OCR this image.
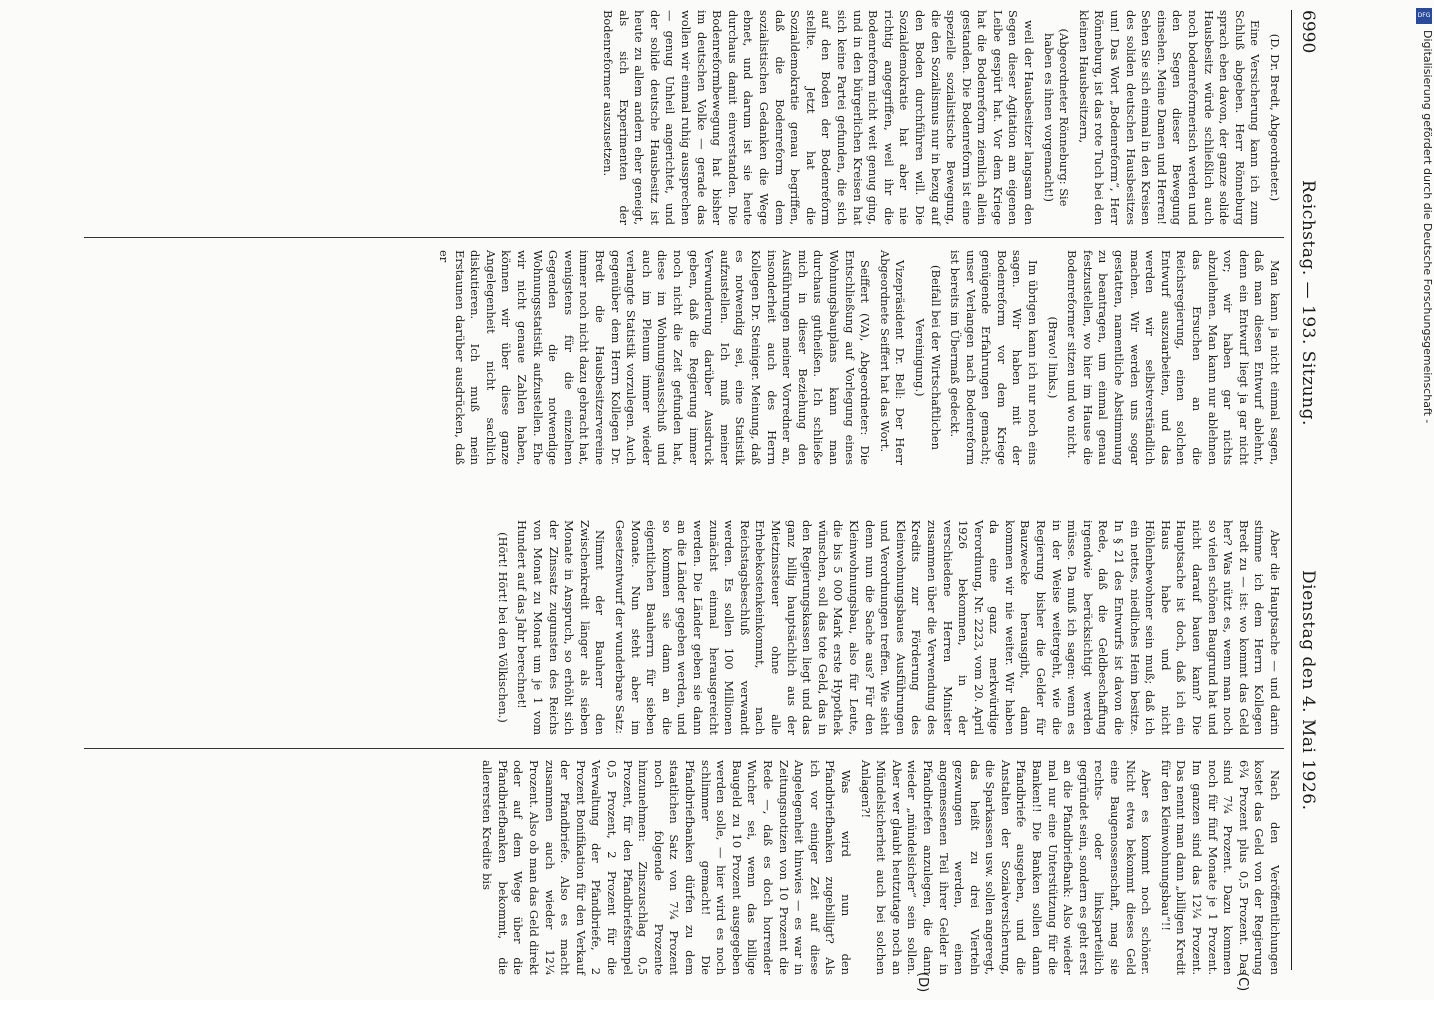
6990
Reichstag. — 193. Sitzung.
Dienstag den 4. Mai 1926.
(C)
(D)

(D. Dr. Bredt, Abgeordneter.)

Eine Versicherung kann ich zum Schluß abgeben. Herr Rönneburg sprach eben davon, der ganze solide Hausbesitz würde schließlich auch noch bodenreformerisch werden und den Segen dieser Bewegung einsehen. Meine Damen und Herren! Sehen Sie sich einmal in den Kreisen des soliden deutschen Hausbesitzes um! Das Wort „Bodenreform“, Herr Rönneburg, ist das rote Tuch bei den kleinen Hausbesitzern,

(Abgeordneter Rönneburg: Sie haben es ihnen vorgemacht!)

weil der Hausbesitzer langsam den Segen dieser Agitation am eigenen Leibe gespürt hat. Vor dem Kriege hat die Bodenreform ziemlich allein gestanden. Die Bodenreform ist eine spezielle sozialistische Bewegung, die den Sozialismus nur in bezug auf den Boden durchführen will. Die Sozialdemokratie hat aber nie richtig angegriffen, weil ihr die Bodenreform nicht weit genug ging, und in den bürgerlichen Kreisen hat sich keine Partei gefunden, die sich auf den Boden der Bodenreform stellte. Jetzt hat die Sozialdemokratie genau begriffen, daß die Bodenreform dem sozialistischen Gedanken die Wege ebnet, und darum ist sie heute durchaus damit einverstanden. Die Bodenreformbewegung hat bisher im deutschen Volke — gerade das wollen wir einmal ruhig aussprechen — genug Unheil angerichtet, und der solide deutsche Hausbesitz ist heute zu allem andern eher geneigt, als sich Experimenten der Bodenreformer auszusetzen.

Man kann ja nicht einmal sagen, daß man diesen Entwurf ablehnt, denn ein Entwurf liegt ja gar nicht vor; wir haben gar nichts abzulehnen. Man kann nur ablehnen das Ersuchen an die Reichsregierung, einen solchen Entwurf auszuarbeiten, und das werden wir selbstverständlich machen. Wir werden uns sogar gestatten, namentliche Abstimmung zu beantragen, um einmal genau festzustellen, wo hier im Hause die Bodenreformer sitzen und wo nicht.

(Bravo! links.)

Im übrigen kann ich nur noch eins sagen. Wir haben mit der Bodenreform vor dem Kriege genügende Erfahrungen gemacht; unser Verlangen nach Bodenreform ist bereits im Übermaß gedeckt.

(Beifall bei der Wirtschaftlichen Vereinigung.)

Vizepräsident Dr. Bell: Der Herr Abgeordnete Seiffert hat das Wort.

Seiffert (VA), Abgeordneter: Die Entschließung auf Vorlegung eines Wohnungsbauplans kann man durchaus gutheißen. Ich schließe mich in dieser Beziehung den Ausführungen meiner Vorredner an, insonderheit auch des Herrn Kollegen Dr. Steiniger. Meinung, daß es notwendig sei, eine Statistik aufzustellen. Ich muß meiner Verwunderung darüber Ausdruck geben, daß die Regierung immer noch nicht die Zeit gefunden hat, diese im Wohnungsausschuß und auch im Plenum immer wieder verlangte Statistik vorzulegen. Auch gegenüber dem Herrn Kollegen Dr. Bredt die Hausbesitzervereine immer noch nicht dazu gebracht hat, wenigstens für die einzelnen Gegenden die notwendige Wohnungsstatistik aufzustellen. Ehe wir nicht genaue Zahlen haben, können wir über diese ganze Angelegenheit nicht sachlich diskutieren. Ich muß mein Erstaunen darüber ausdrücken, daß er

Aber die Hauptsache — und darin stimme ich dem Herrn Kollegen Bredt zu — ist: wo kommt das Geld her? Was nützt es, wenn man noch so vielen schönen Baugrund hat und nicht darauf bauen kann? Die Hauptsache ist doch, daß ich ein Haus habe und nicht Höhlenbewohner sein muß; daß ich ein nettes, niedliches Heim besitze. In § 21 des Entwurfs ist davon die Rede, daß die Geldbeschaffung irgendwie berücksichtigt werden müsse. Da muß ich sagen: wenn es in der Weise weitergeht, wie die Regierung bisher die Gelder für Bauzwecke herausgibt, dann kommen wir nie weiter. Wir haben da eine ganz merkwürdige Verordnung, Nr. 2223, vom 20. April 1926 bekommen, in der verschiedene Herren Minister zusammen über die Verwendung des Kredits zur Förderung des Kleinwohnungsbaues Ausführungen und Verordnungen treffen. Wie sieht denn nun die Sache aus? Für den Kleinwohnungsbau, also für Leute, die bis 5 000 Mark erste Hypothek wünschen, soll das tote Geld, das in den Regierungskassen liegt und das ganz billig hauptsächlich aus der Mietzinssteuer ohne alle Erhebekostenkeinkommt, nach Reichstagsbeschluß verwandt werden. Es sollen 100 Millionen zunächst einmal herausgereicht werden. Die Länder geben sie dann an die Länder gegeben werden, und so kommen sie dann an die eigentlichen Bauherrn für sieben Monate. Nun steht aber im Gesetzentwurf der wunderbare Satz:

Nimmt der Bauherr den Zwischenkredit länger als sieben Monate in Anspruch, so erhöht sich der Zinssatz zugunsten des Reichs von Monat zu Monat um je 1 vom Hundert auf das Jahr berechnet!

(Hört! Hört! bei den Völkischen.)

Nach den Veröffentlichungen kostet das Geld von der Regierung 6¾ Prozent plus 0,5 Prozent. Das sind 7¼ Prozent. Dazu kommen noch für fünf Monate je 1 Prozent. Im ganzen sind das 12¼ Prozent. Das nennt man dann „billigen Kredit für den Kleinwohnungsbau“!!

Aber es kommt noch schöner. Nicht etwa bekommt dieses Geld eine Baugenossenschaft, mag sie rechts- oder linksparteilich gegründet sein, sondern es geht erst an die Pfandbriefbank: Also wieder mal nur eine Unterstützung für die Banken!! Die Banken sollen dann Pfandbriefe ausgeben, und die Anstalten der Sozialversicherung, die Sparkassen usw. sollen angeregt, das heißt zu drei Vierteln gezwungen werden, einen angemessenen Teil ihrer Gelder in Pfandbriefen anzulegen, die dann wieder „mündelsicher“ sein sollen. Aber wer glaubt heutzutage noch an Mündelsicherheit auch bei solchen Anlagen?!

Was wird nun den Pfandbriefbanken zugebilligt? Als ich vor einiger Zeit auf diese Angelegenheit hinwies — es war in Zeitungsnotizen von 10 Prozent die Rede —, daß es doch horrender Wucher sei, wenn das billige Baugeld zu 10 Prozent ausgegeben werden solle, — hier wird es noch schlimmer gemacht! Die Pfandbriefbanken dürfen zu dem staatlichen Satz von 7¼ Prozent noch folgende Prozente hinzunehmen: Zinszuschlag 0,5 Prozent, für den Pfandbriefstempel 0,5 Prozent, 2 Prozent für die Verwaltung der Pfandbriefe, 2 Prozent Bonifikation für den Verkauf der Pfandbriefe. Also es macht zusammen auch wieder 12¼ Prozent. Also ob man das Geld direkt oder auf dem Wege über die Pfandbriefbanken bekommt, die allerersten Kredite bis

DFG
Digitalisierung gefördert durch die Deutsche Forschungsgemeinschaft -
